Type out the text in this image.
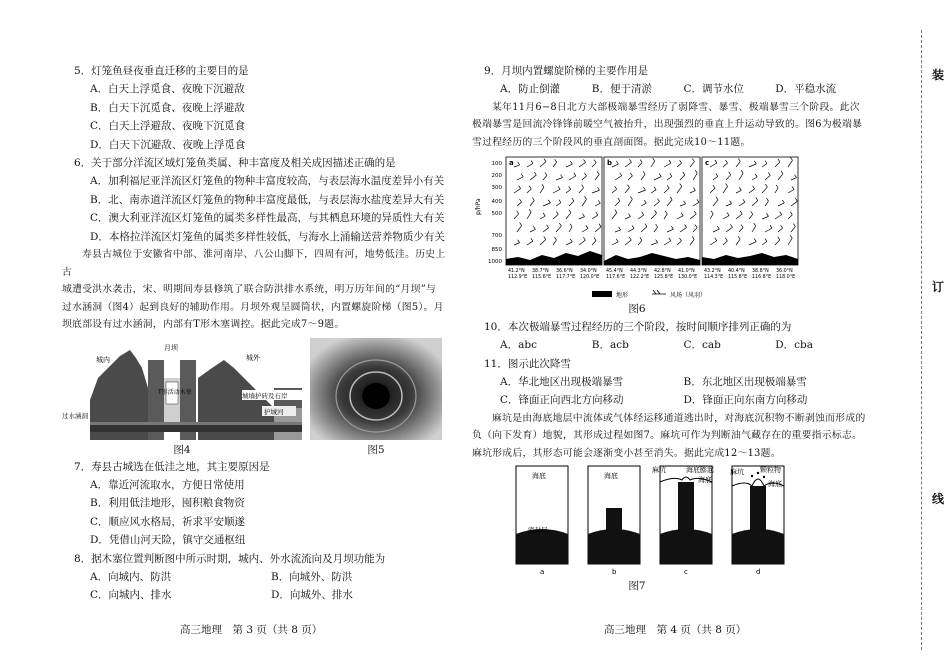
装
订
线

5．灯笼鱼昼夜垂直迁移的主要目的是

A．白天上浮觅食、夜晚下沉避敌

B．白天下沉觅食、夜晚上浮避敌

C．白天上浮避敌、夜晚下沉觅食

D．白天下沉避敌、夜晚上浮觅食

6．关于部分洋流区域灯笼鱼类属、种丰富度及相关成因描述正确的是

A．加利福尼亚洋流区灯笼鱼的物种丰富度较高，与表层海水温度差异小有关

B．北、南赤道洋流区灯笼鱼的物种丰富度最低，与表层海水盐度差异大有关

C．澳大利亚洋流区灯笼鱼的属类多样性最高，与其栖息环境的异质性大有关

D．本格拉洋流区灯笼鱼的属类多样性较低，与海水上涌输送营养物质少有关

寿县古城位于安徽省中部、淮河南岸、八公山脚下，四周有河，地势低洼。历史上古

城遭受洪水袭击，宋、明期间寿县修筑了联合防洪排水系统，明万历年间的“月坝”与

过水涵洞（图4）起到良好的辅助作用。月坝外观呈圆筒状，内置螺旋阶梯（图5）。月

坝底部设有过水涵洞，内部有T形木塞调控。据此完成7～9题。

城内	城外
月坝
T形活动木塞	城墙护砖及石岸
护城河
过水涵洞
图4	图5

7．寿县古城选在低洼之地，其主要原因是

A．靠近河流取水，方便日常使用

B．利用低洼地形，囤积粮食物资

C．顺应风水格局，祈求平安顺遂

D．凭借山河天险，镇守交通枢纽

8．据木塞位置判断图中所示时期，城内、外水流流向及月坝功能为

A．向城内、防洪	B．向城外、防洪
C．向城内、排水	D．向城外、排水
高三地理　第 3 页（共 8 页）

9．月坝内置螺旋阶梯的主要作用是

A．防止倒灌	B．便于清淤	C．调节水位	D．平稳水流

某年11月6−8日北方大部极端暴雪经历了弱降雪、暴雪、极端暴雪三个阶段。此次

极端暴雪是回流冷锋锋前暖空气被抬升，出现强烈的垂直上升运动导致的。图6为极端暴

雪过程经历的三个阶段风的垂直剖面图。据此完成10～11题。

p/hPa
100
200
300
400
500
700
850
1000
a
41.2°N 38.7°N 36.6°N 34.0°N
112.9°E 115.6°E 117.7°E 120.0°E
b
45.4°N 44.3°N 42.8°N 41.0°N
117.6°E 122.2°E 125.8°E 130.0°E
c
43.2°N 40.4°N 38.8°N 36.0°N
114.3°E 115.8°E 116.8°E 118.0°E
地形	风场（风羽）
图6

10．本次极端暴雪过程经历的三个阶段，按时间顺序排列正确的为

A．abc	B．acb	C．cab	D．cba

11．图示此次降雪

A．华北地区出现极端暴雪	B．东北地区出现极端暴雪
C．锋面正向西北方向移动	D．锋面正向东南方向移动

麻坑是由海底地层中流体或气体经运移通道逃出时，对海底沉积物不断剥蚀而形成的

负（向下发育）地貌，其形成过程如图7。麻坑可作为判断油气藏存在的重要指示标志。

麻坑形成后，其形态可能会逐渐变小甚至消失。据此完成12～13题。

海底
密封层
a
海底
b
麻坑	海底膨起
海底
c
麻坑 颗粒物
海底
d
图7
高三地理　第 4 页（共 8 页）
